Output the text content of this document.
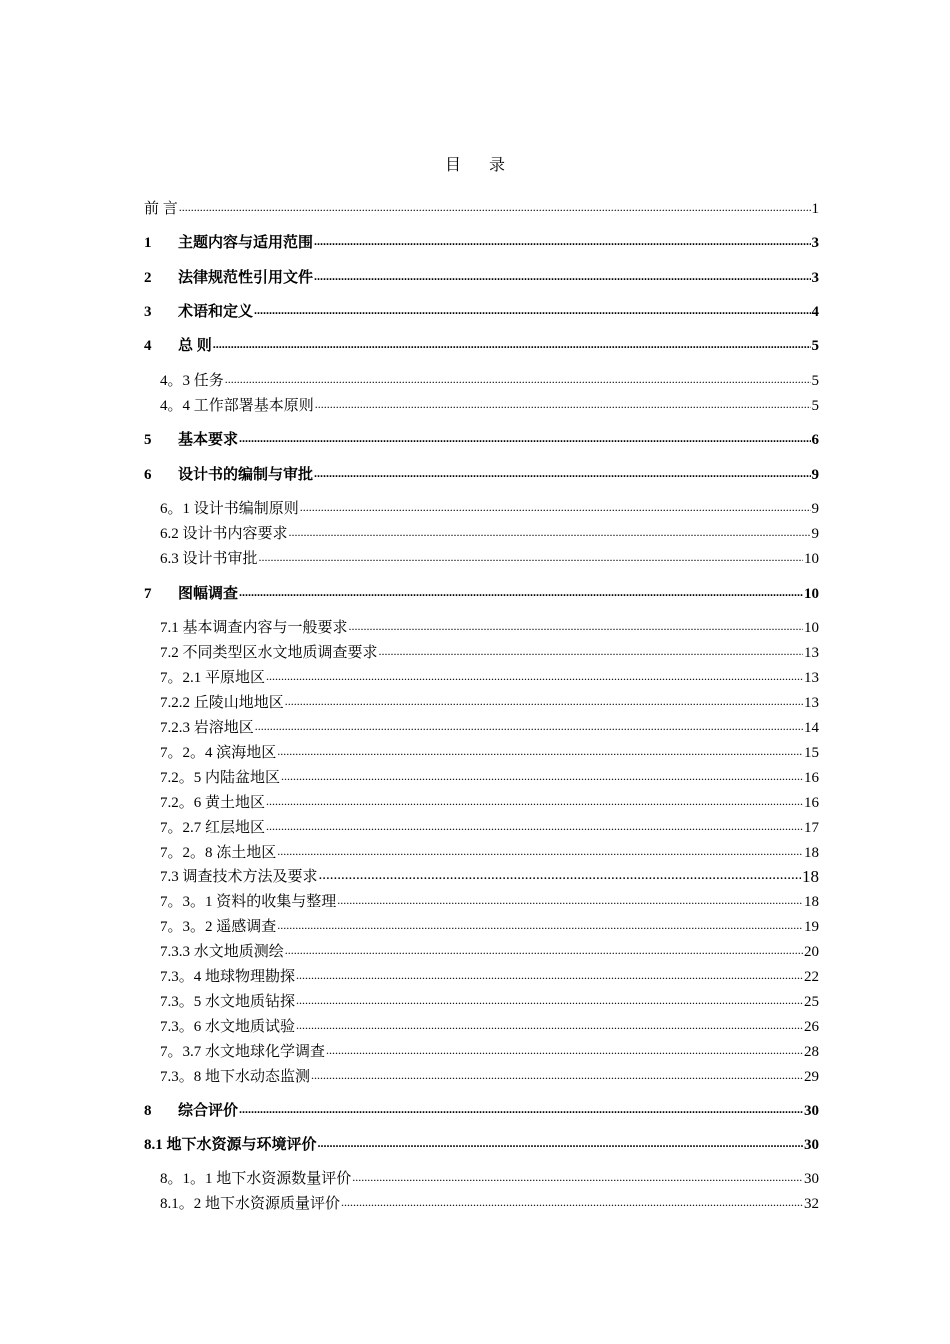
目 录
前 言 .....	1
1	主题内容与适用范围 .....	3
2	法律规范性引用文件 .....	3
3	术语和定义 .....	4
4	总 则 .....	5
4。3 任务 .....	5
4。4 工作部署基本原则 .....	5
5	基本要求 .....	6
6	设计书的编制与审批 .....	9
6。1 设计书编制原则 .....	9
6.2 设计书内容要求 .....	9
6.3 设计书审批 .....	10
7	图幅调查 .....	10
7.1 基本调查内容与一般要求 .....	10
7.2 不同类型区水文地质调查要求 .....	13
7。2.1 平原地区 .....	13
7.2.2 丘陵山地地区 .....	13
7.2.3 岩溶地区 .....	14
7。2。4 滨海地区 .....	15
7.2。5 内陆盆地区 .....	16
7.2。6 黄土地区 .....	16
7。2.7 红层地区 .....	17
7。2。8 冻土地区 .....	18
7.3 调查技术方法及要求 .....	18
7。3。1 资料的收集与整理 .....	18
7。3。2 遥感调查 .....	19
7.3.3 水文地质测绘 .....	20
7.3。4 地球物理勘探 .....	22
7.3。5 水文地质钻探 .....	25
7.3。6 水文地质试验 .....	26
7。3.7 水文地球化学调查 .....	28
7.3。8 地下水动态监测 .....	29
8	综合评价 .....	30
8.1 地下水资源与环境评价 .....	30
8。1。1 地下水资源数量评价 .....	30
8.1。2 地下水资源质量评价 .....	32
